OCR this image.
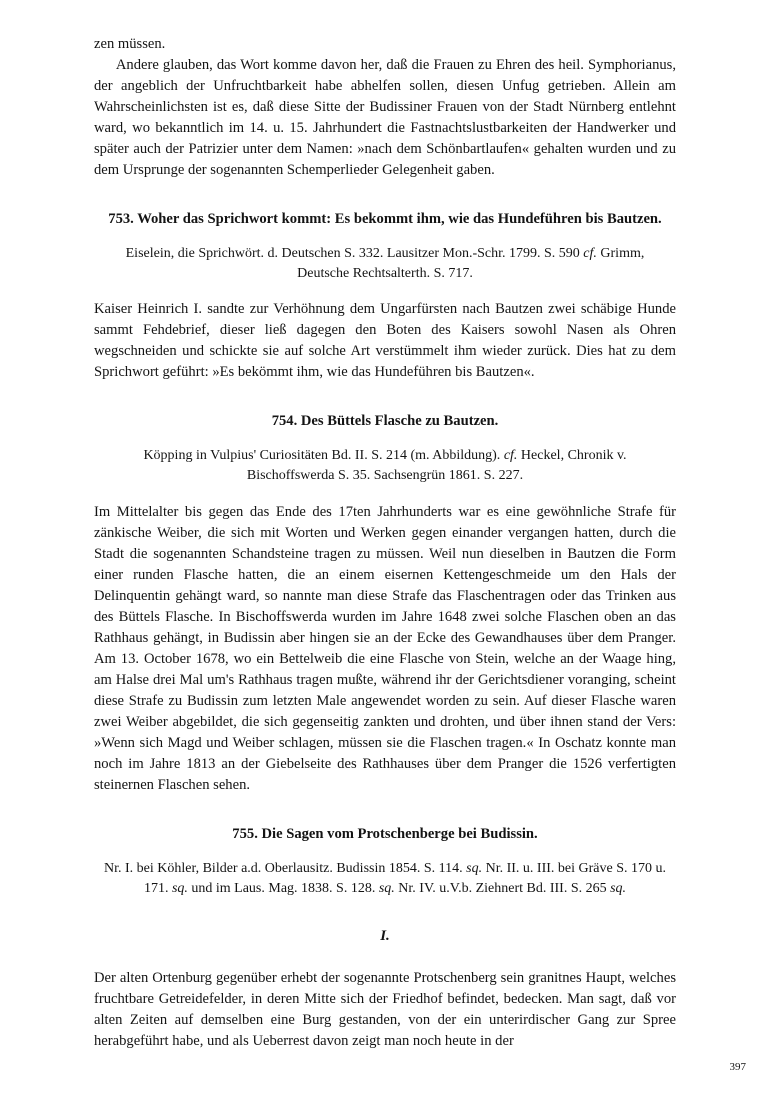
zen müssen.
Andere glauben, das Wort komme davon her, daß die Frauen zu Ehren des heil. Symphorianus, der angeblich der Unfruchtbarkeit habe abhelfen sollen, diesen Unfug getrieben. Allein am Wahrscheinlichsten ist es, daß diese Sitte der Budissiner Frauen von der Stadt Nürnberg entlehnt ward, wo bekanntlich im 14. u. 15. Jahrhundert die Fastnachtslustbarkeiten der Handwerker und später auch der Patrizier unter dem Namen: »nach dem Schönbartlaufen« gehalten wurden und zu dem Ursprunge der sogenannten Schemperlieder Gelegenheit gaben.
753. Woher das Sprichwort kommt: Es bekommt ihm, wie das Hundeführen bis Bautzen.
Eiselein, die Sprichwört. d. Deutschen S. 332. Lausitzer Mon.-Schr. 1799. S. 590 cf. Grimm, Deutsche Rechtsalterth. S. 717.
Kaiser Heinrich I. sandte zur Verhöhnung dem Ungarfürsten nach Bautzen zwei schäbige Hunde sammt Fehdebrief, dieser ließ dagegen den Boten des Kaisers sowohl Nasen als Ohren wegschneiden und schickte sie auf solche Art verstümmelt ihm wieder zurück. Dies hat zu dem Sprichwort geführt: »Es bekömmt ihm, wie das Hundeführen bis Bautzen«.
754. Des Büttels Flasche zu Bautzen.
Köpping in Vulpius' Curiositäten Bd. II. S. 214 (m. Abbildung). cf. Heckel, Chronik v. Bischoffswerda S. 35. Sachsengrün 1861. S. 227.
Im Mittelalter bis gegen das Ende des 17ten Jahrhunderts war es eine gewöhnliche Strafe für zänkische Weiber, die sich mit Worten und Werken gegen einander vergangen hatten, durch die Stadt die sogenannten Schandsteine tragen zu müssen. Weil nun dieselben in Bautzen die Form einer runden Flasche hatten, die an einem eisernen Kettengeschmeide um den Hals der Delinquentin gehängt ward, so nannte man diese Strafe das Flaschentragen oder das Trinken aus des Büttels Flasche. In Bischoffswerda wurden im Jahre 1648 zwei solche Flaschen oben an das Rathhaus gehängt, in Budissin aber hingen sie an der Ecke des Gewandhauses über dem Pranger. Am 13. October 1678, wo ein Bettelweib die eine Flasche von Stein, welche an der Waage hing, am Halse drei Mal um's Rathhaus tragen mußte, während ihr der Gerichtsdiener voranging, scheint diese Strafe zu Budissin zum letzten Male angewendet worden zu sein. Auf dieser Flasche waren zwei Weiber abgebildet, die sich gegenseitig zankten und drohten, und über ihnen stand der Vers: »Wenn sich Magd und Weiber schlagen, müssen sie die Flaschen tragen.« In Oschatz konnte man noch im Jahre 1813 an der Giebelseite des Rathhauses über dem Pranger die 1526 verfertigten steinernen Flaschen sehen.
755. Die Sagen vom Protschenberge bei Budissin.
Nr. I. bei Köhler, Bilder a.d. Oberlausitz. Budissin 1854. S. 114. sq. Nr. II. u. III. bei Gräve S. 170 u. 171. sq. und im Laus. Mag. 1838. S. 128. sq. Nr. IV. u.V.b. Ziehnert Bd. III. S. 265 sq.
I.
Der alten Ortenburg gegenüber erhebt der sogenannte Protschenberg sein granitnes Haupt, welches fruchtbare Getreidefelder, in deren Mitte sich der Friedhof befindet, bedecken. Man sagt, daß vor alten Zeiten auf demselben eine Burg gestanden, von der ein unterirdischer Gang zur Spree herabgeführt habe, und als Ueberrest davon zeigt man noch heute in der
397
